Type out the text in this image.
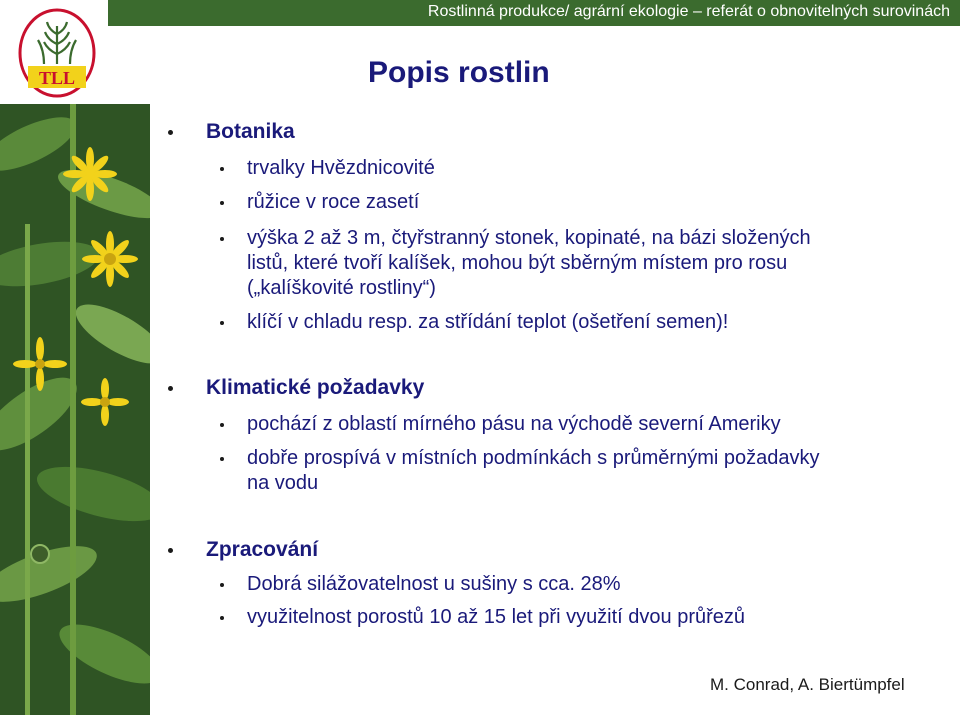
Rostlinná produkce/ agrární ekologie – referát o obnovitelných surovinách
TLL	Popis rostlin
Botanika
trvalky Hvězdnicovité
růžice v roce zasetí
výška 2 až 3 m, čtyřstranný stonek, kopinaté, na bázi složených
listů, které tvoří kalíšek, mohou být sběrným místem pro rosu
(„kalíškovité rostliny“)
klíčí v chladu resp. za střídání teplot (ošetření semen)!
Klimatické požadavky
pochází z oblastí mírného pásu na východě severní Ameriky
dobře prospívá v místních podmínkách s průměrnými požadavky
na vodu
Zpracování
Dobrá silážovatelnost u sušiny s cca. 28%
využitelnost porostů 10 až 15 let při využití dvou průřezů
M. Conrad, A. Biertümpfel
